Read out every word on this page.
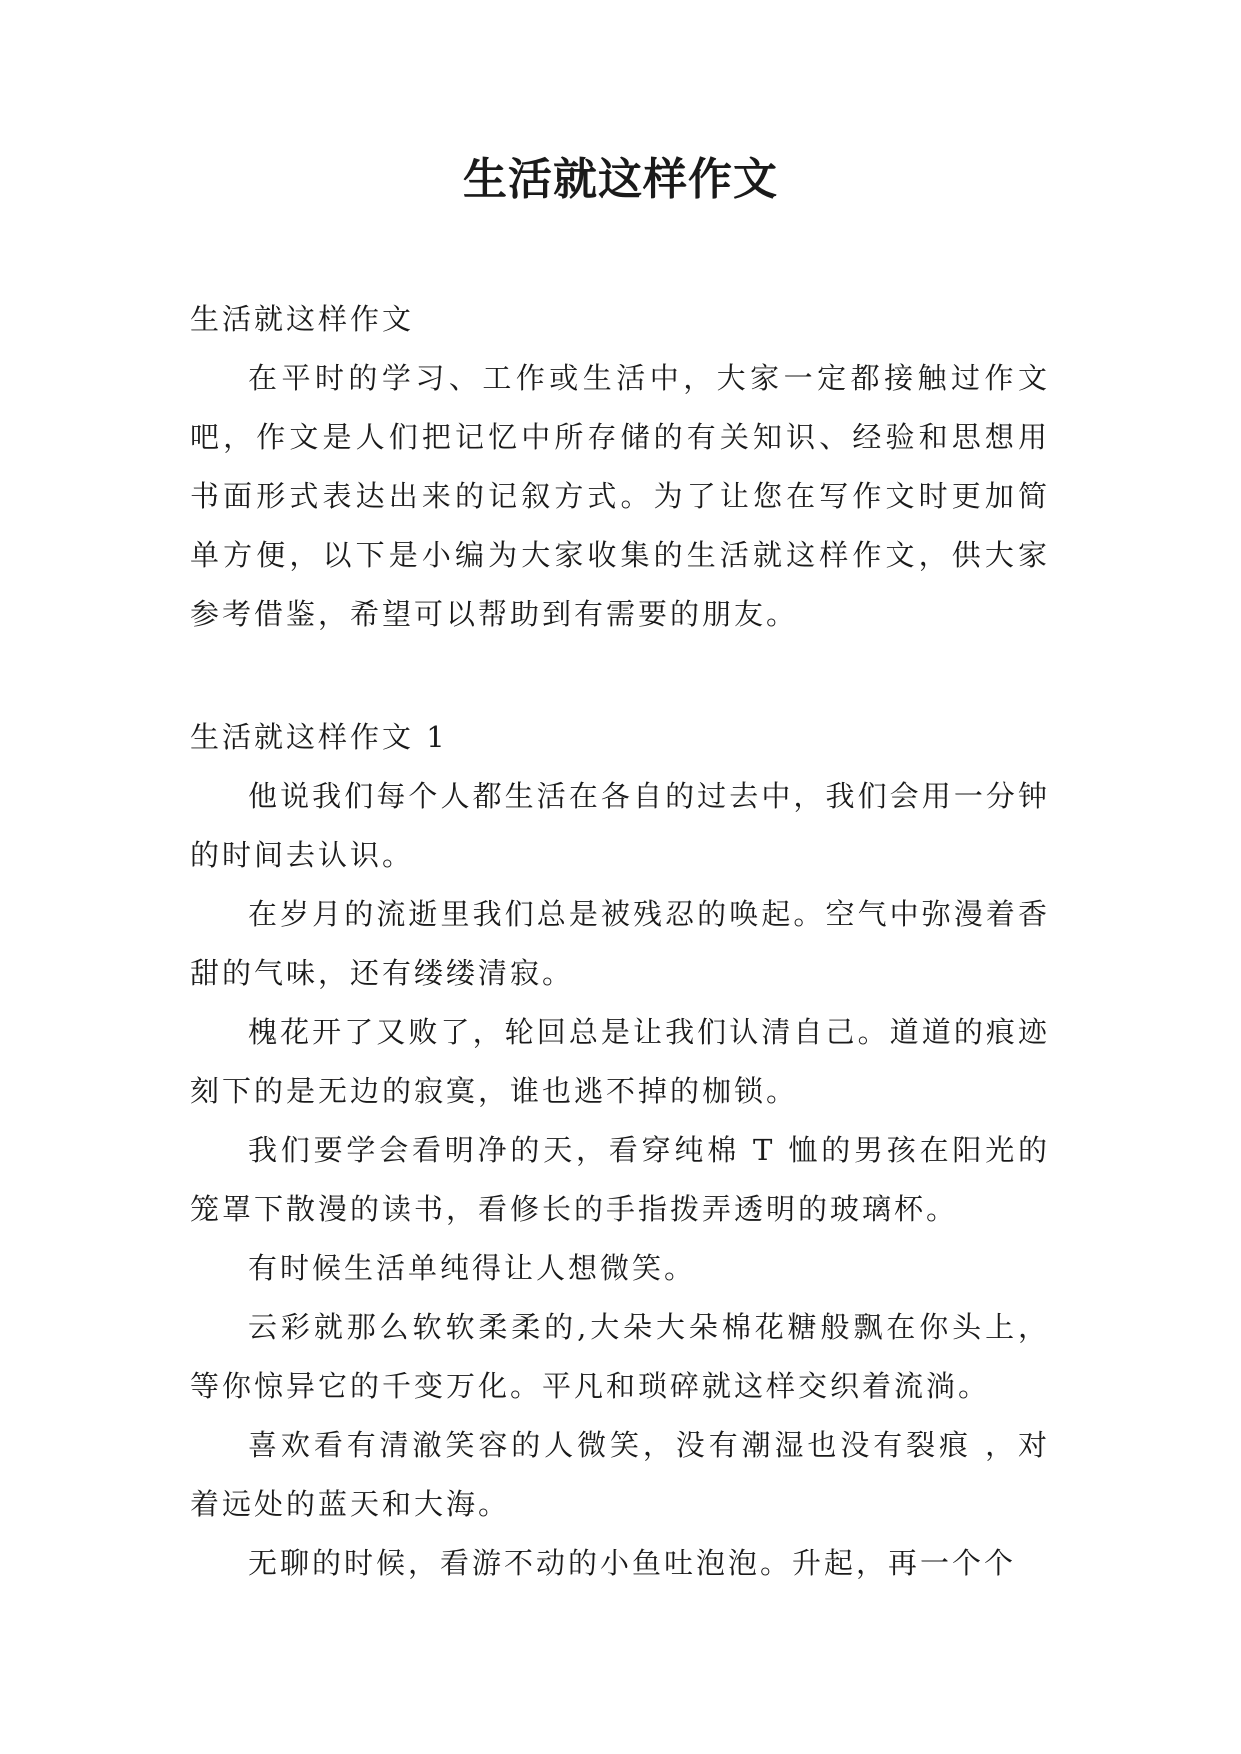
生活就这样作文

生活就这样作文

在平时的学习、工作或生活中，大家一定都接触过作文吧，作文是人们把记忆中所存储的有关知识、经验和思想用书面形式表达出来的记叙方式。为了让您在写作文时更加简单方便，以下是小编为大家收集的生活就这样作文，供大家参考借鉴，希望可以帮助到有需要的朋友。

生活就这样作文 1

他说我们每个人都生活在各自的过去中，我们会用一分钟的时间去认识。

在岁月的流逝里我们总是被残忍的唤起。空气中弥漫着香甜的气味，还有缕缕清寂。

槐花开了又败了，轮回总是让我们认清自己。道道的痕迹刻下的是无边的寂寞，谁也逃不掉的枷锁。

我们要学会看明净的天，看穿纯棉 T 恤的男孩在阳光的笼罩下散漫的读书，看修长的手指拨弄透明的玻璃杯。

有时候生活单纯得让人想微笑。

云彩就那么软软柔柔的,大朵大朵棉花糖般飘在你头上，等你惊异它的千变万化。平凡和琐碎就这样交织着流淌。

喜欢看有清澈笑容的人微笑，没有潮湿也没有裂痕 ，对着远处的蓝天和大海。

无聊的时候，看游不动的小鱼吐泡泡。升起，再一个个
